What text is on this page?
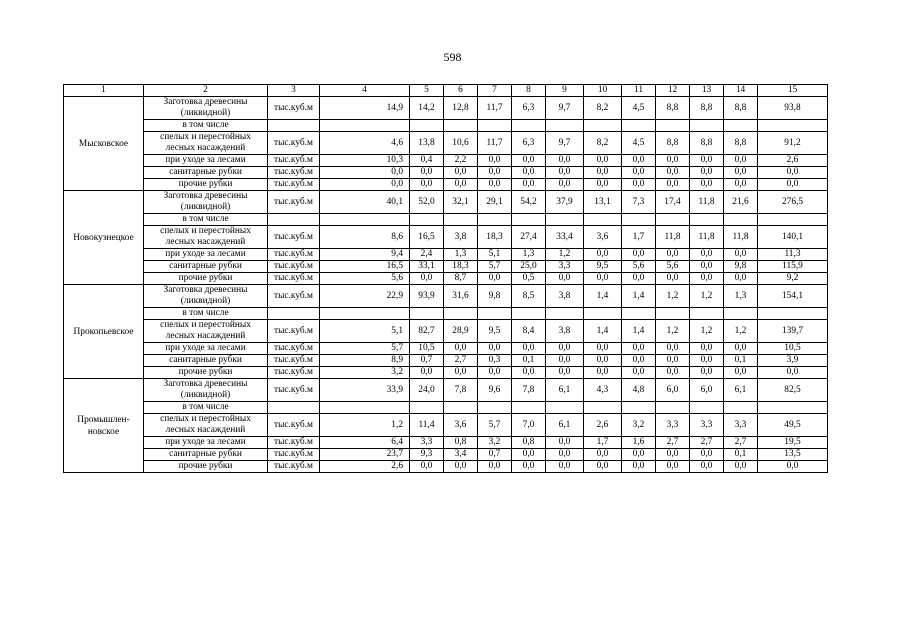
598
1	2	3	4	5	6	7	8	9	10	11	12	13	14	15
Мысковское	Заготовка древесины (ликвидной)	тыс.куб.м	14,9	14,2	12,8	11,7	6,3	9,7	8,2	4,5	8,8	8,8	8,8	93,8
	в том числе													
	спелых и перестойных лесных насаждений	тыс.куб.м	4,6	13,8	10,6	11,7	6,3	9,7	8,2	4,5	8,8	8,8	8,8	91,2
	при уходе за лесами	тыс.куб.м	10,3	0,4	2,2	0,0	0,0	0,0	0,0	0,0	0,0	0,0	0,0	2,6
	санитарные рубки	тыс.куб.м	0,0	0,0	0,0	0,0	0,0	0,0	0,0	0,0	0,0	0,0	0,0	0,0
	прочие рубки	тыс.куб.м	0,0	0,0	0,0	0,0	0,0	0,0	0,0	0,0	0,0	0,0	0,0	0,0
Новокузнецкое	Заготовка древесины (ликвидной)	тыс.куб.м	40,1	52,0	32,1	29,1	54,2	37,9	13,1	7,3	17,4	11,8	21,6	276,5
	в том числе													
	спелых и перестойных лесных насаждений	тыс.куб.м	8,6	16,5	3,8	18,3	27,4	33,4	3,6	1,7	11,8	11,8	11,8	140,1
	при уходе за лесами	тыс.куб.м	9,4	2,4	1,3	5,1	1,3	1,2	0,0	0,0	0,0	0,0	0,0	11,3
	санитарные рубки	тыс.куб.м	16,5	33,1	18,3	5,7	25,0	3,3	9,5	5,6	5,6	0,0	9,8	115,9
	прочие рубки	тыс.куб.м	5,6	0,0	8,7	0,0	0,5	0,0	0,0	0,0	0,0	0,0	0,0	9,2
Прокопьевское	Заготовка древесины (ликвидной)	тыс.куб.м	22,9	93,9	31,6	9,8	8,5	3,8	1,4	1,4	1,2	1,2	1,3	154,1
	в том числе													
	спелых и перестойных лесных насаждений	тыс.куб.м	5,1	82,7	28,9	9,5	8,4	3,8	1,4	1,4	1,2	1,2	1,2	139,7
	при уходе за лесами	тыс.куб.м	5,7	10,5	0,0	0,0	0,0	0,0	0,0	0,0	0,0	0,0	0,0	10,5
	санитарные рубки	тыс.куб.м	8,9	0,7	2,7	0,3	0,1	0,0	0,0	0,0	0,0	0,0	0,1	3,9
	прочие рубки	тыс.куб.м	3,2	0,0	0,0	0,0	0,0	0,0	0,0	0,0	0,0	0,0	0,0	0,0
Промышлен-новское	Заготовка древесины (ликвидной)	тыс.куб.м	33,9	24,0	7,8	9,6	7,8	6,1	4,3	4,8	6,0	6,0	6,1	82,5
	в том числе													
	спелых и перестойных лесных насаждений	тыс.куб.м	1,2	11,4	3,6	5,7	7,0	6,1	2,6	3,2	3,3	3,3	3,3	49,5
	при уходе за лесами	тыс.куб.м	6,4	3,3	0,8	3,2	0,8	0,0	1,7	1,6	2,7	2,7	2,7	19,5
	санитарные рубки	тыс.куб.м	23,7	9,3	3,4	0,7	0,0	0,0	0,0	0,0	0,0	0,0	0,1	13,5
	прочие рубки	тыс.куб.м	2,6	0,0	0,0	0,0	0,0	0,0	0,0	0,0	0,0	0,0	0,0	0,0
